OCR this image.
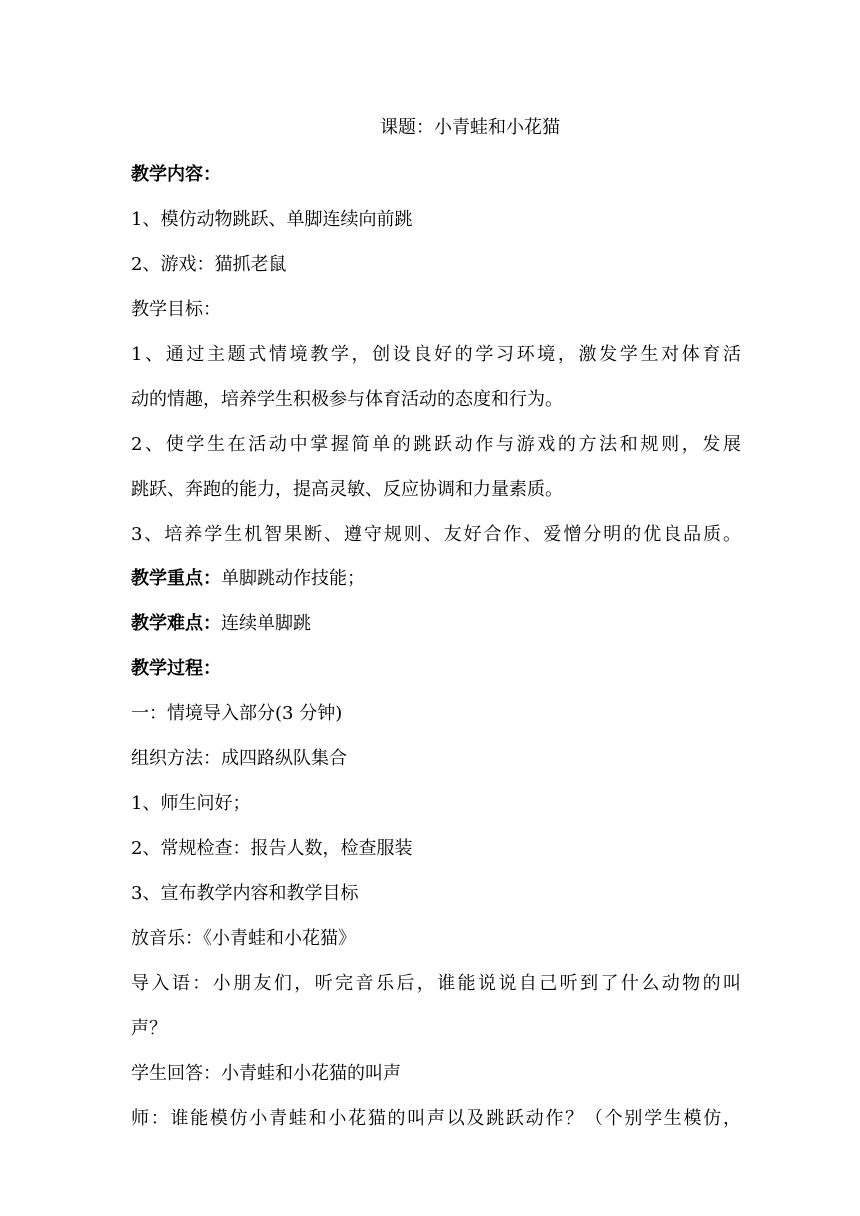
课题：小青蛙和小花猫
教学内容：
1、模仿动物跳跃、单脚连续向前跳
2、游戏：猫抓老鼠
教学目标：
1、通过主题式情境教学，创设良好的学习环境，激发学生对体育活
动的情趣，培养学生积极参与体育活动的态度和行为。
2、使学生在活动中掌握简单的跳跃动作与游戏的方法和规则，发展
跳跃、奔跑的能力，提高灵敏、反应协调和力量素质。
3、培养学生机智果断、遵守规则、友好合作、爱憎分明的优良品质。
教学重点：单脚跳动作技能；
教学难点：连续单脚跳
教学过程：
一：情境导入部分(3 分钟)
组织方法：成四路纵队集合
1、师生问好；
2、常规检查：报告人数，检查服装
3、宣布教学内容和教学目标
放音乐：《小青蛙和小花猫》
导入语：小朋友们，听完音乐后，谁能说说自己听到了什么动物的叫
声？
学生回答：小青蛙和小花猫的叫声
师：谁能模仿小青蛙和小花猫的叫声以及跳跃动作？（个别学生模仿，
